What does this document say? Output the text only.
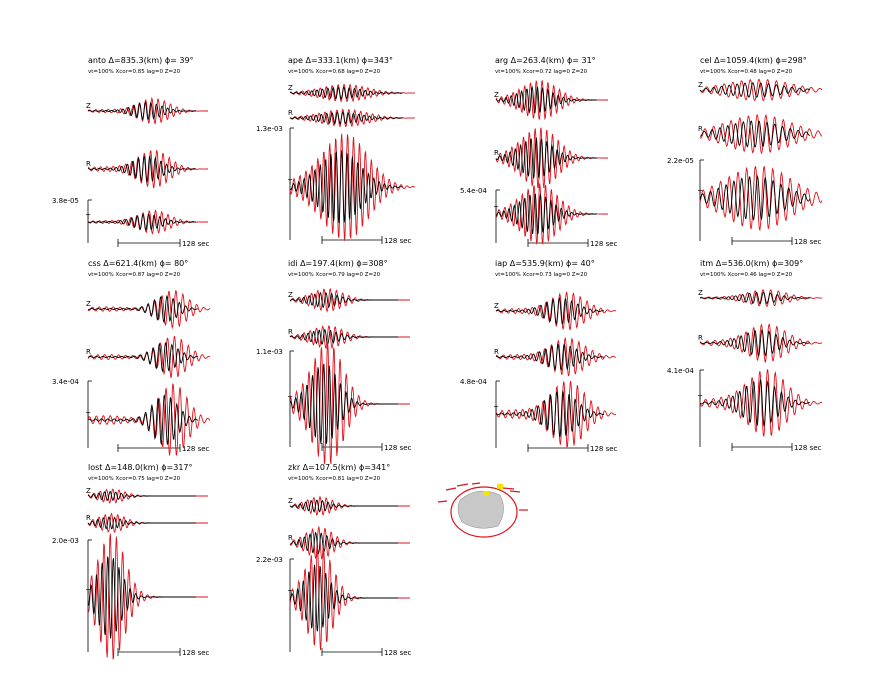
anto Δ=835.3(km) ϕ= 39°
vt=100% Xcor=0.85 lag=0 Z=20
3.8e-05
128 sec
Z
R
T
ape Δ=333.1(km) ϕ=343°
vt=100% Xcor=0.68 lag=0 Z=20
1.3e-03
128 sec
Z
R
T
arg Δ=263.4(km) ϕ= 31°
vt=100% Xcor=0.72 lag=0 Z=20
5.4e-04
128 sec
Z
R
T
cel Δ=1059.4(km) ϕ=298°
vt=100% Xcor=0.48 lag=0 Z=20
2.2e-05
128 sec
Z
R
T
css Δ=621.4(km) ϕ= 80°
vt=100% Xcor=0.87 lag=0 Z=20
3.4e-04
128 sec
Z
R
T
idi Δ=197.4(km) ϕ=308°
vt=100% Xcor=0.79 lag=0 Z=20
1.1e-03
128 sec
Z
R
T
iap Δ=535.9(km) ϕ= 40°
vt=100% Xcor=0.73 lag=0 Z=20
4.8e-04
128 sec
Z
R
T
itm Δ=536.0(km) ϕ=309°
vt=100% Xcor=0.46 lag=0 Z=20
4.1e-04
128 sec
Z
R
T
lost Δ=148.0(km) ϕ=317°
vt=100% Xcor=0.75 lag=0 Z=20
2.0e-03
128 sec
Z
R
T
zkr Δ=107.5(km) ϕ=341°
vt=100% Xcor=0.81 lag=0 Z=20
2.2e-03
128 sec
Z
R
T
